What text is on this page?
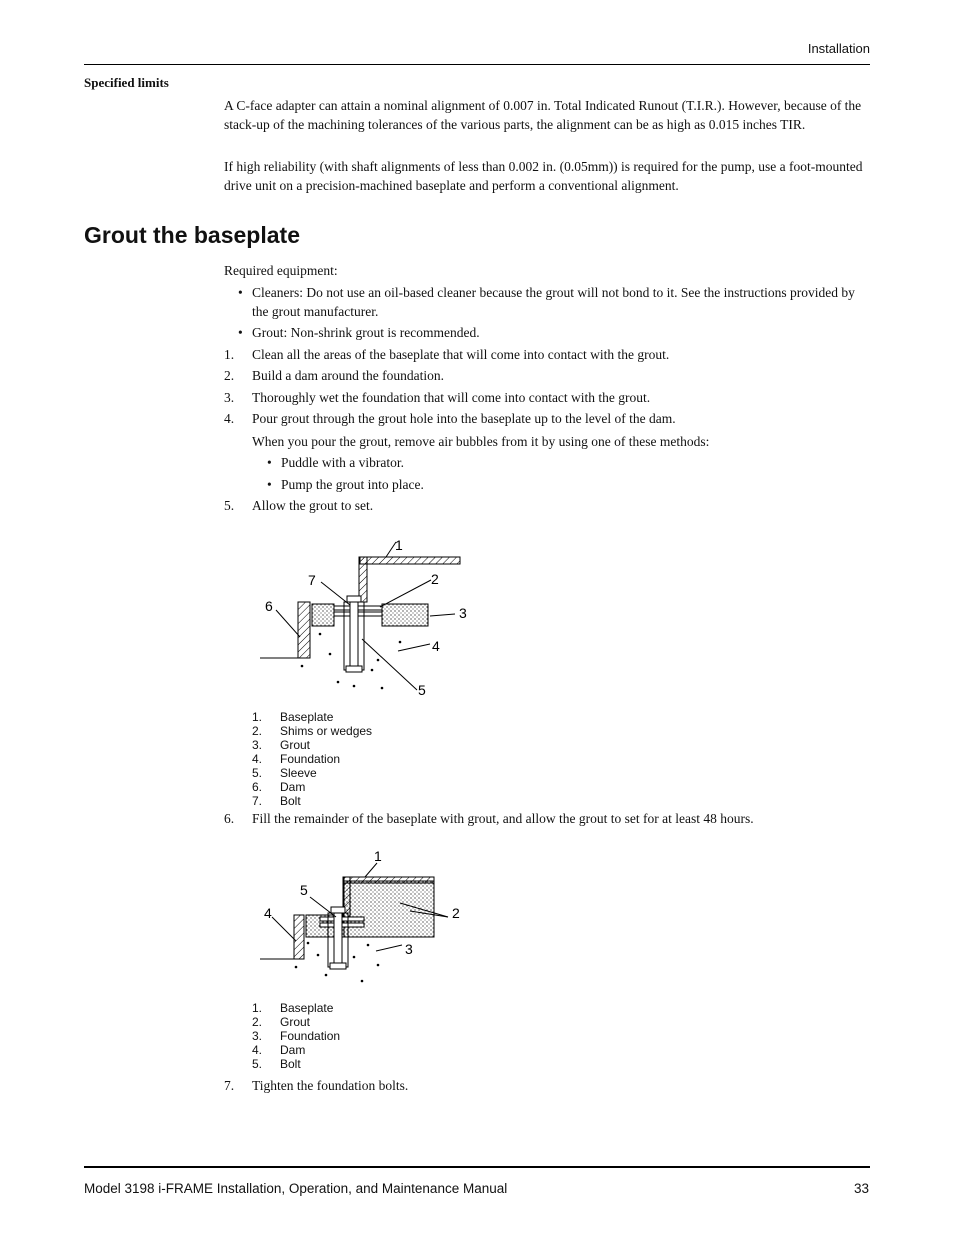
Installation
Specified limits
A C-face adapter can attain a nominal alignment of 0.007 in. Total Indicated Runout (T.I.R.). However, because of the stack-up of the machining tolerances of the various parts, the alignment can be as high as 0.015 inches TIR.
If high reliability (with shaft alignments of less than 0.002 in. (0.05mm)) is required for the pump, use a foot-mounted drive unit on a precision-machined baseplate and perform a conventional alignment.
Grout the baseplate
Required equipment:
• Cleaners: Do not use an oil-based cleaner because the grout will not bond to it. See the instructions provided by the grout manufacturer.
• Grout: Non-shrink grout is recommended.
1. Clean all the areas of the baseplate that will come into contact with the grout.
2. Build a dam around the foundation.
3. Thoroughly wet the foundation that will come into contact with the grout.
4. Pour grout through the grout hole into the baseplate up to the level of the dam.
When you pour the grout, remove air bubbles from it by using one of these methods:
• Puddle with a vibrator.
• Pump the grout into place.
5. Allow the grout to set.
1
2
3
4
5
6
7
1. Baseplate
2. Shims or wedges
3. Grout
4. Foundation
5. Sleeve
6. Dam
7. Bolt
6. Fill the remainder of the baseplate with grout, and allow the grout to set for at least 48 hours.
1
2
3
4
5
1. Baseplate
2. Grout
3. Foundation
4. Dam
5. Bolt
7. Tighten the foundation bolts.
Model 3198 i-FRAME Installation, Operation, and Maintenance Manual	33
